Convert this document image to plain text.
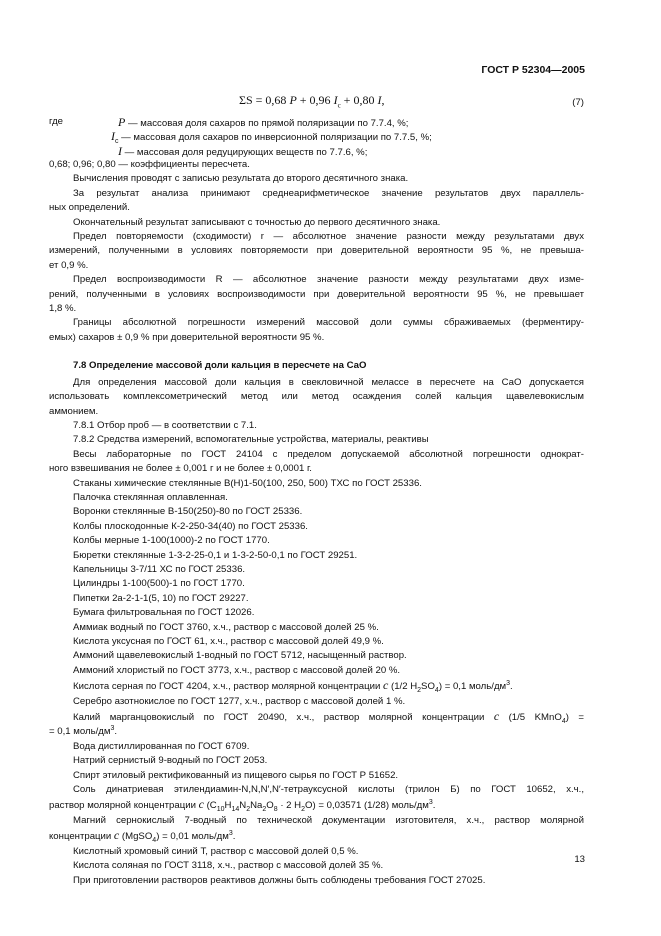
ГОСТ Р 52304—2005
ΣS = 0,68 P + 0,96 $I_c + 0,80$ I,	(7)
где	P — массовая доля сахаров по прямой поляризации по 7.7.4, %;
$I_c$ — массовая доля сахаров по инверсионной поляризации по 7.7.5, %;
I — массовая доля редуцирующих веществ по 7.7.6, %;
0,68; 0,96; 0,80 — коэффициенты пересчета.
Вычисления проводят с записью результата до второго десятичного знака.
За результат анализа принимают среднеарифметическое значение результатов двух параллель-
ных определений.
Окончательный результат записывают с точностью до первого десятичного знака.
Предел повторяемости (сходимости) r — абсолютное значение разности между результатами двух
измерений, полученными в условиях повторяемости при доверительной вероятности 95 %, не превыша-
ет 0,9 %.
Предел воспроизводимости R — абсолютное значение разности между результатами двух изме-
рений, полученными в условиях воспроизводимости при доверительной вероятности 95 %, не превышает
1,8 %.
Границы абсолютной погрешности измерений массовой доли суммы сбраживаемых (ферментиру-
емых) сахаров ± 0,9 % при доверительной вероятности 95 %.
7.8 Определение массовой доли кальция в пересчете на СаО
Для определения массовой доли кальция в свекловичной мелассе в пересчете на СаО допускается
использовать комплексометрический метод или метод осаждения солей кальция щавелевокислым
аммонием.
7.8.1 Отбор проб — в соответствии с 7.1.
7.8.2 Средства измерений, вспомогательные устройства, материалы, реактивы
Весы лабораторные по ГОСТ 24104 с пределом допускаемой абсолютной погрешности однократ-
ного взвешивания не более ± 0,001 г и не более ± 0,0001 г.
Стаканы химические стеклянные В(Н)1-50(100, 250, 500) ТХС по ГОСТ 25336.
Палочка стеклянная оплавленная.
Воронки стеклянные В-150(250)-80 по ГОСТ 25336.
Колбы плоскодонные К-2-250-34(40) по ГОСТ 25336.
Колбы мерные 1-100(1000)-2 по ГОСТ 1770.
Бюретки стеклянные 1-3-2-25-0,1 и 1-3-2-50-0,1 по ГОСТ 29251.
Капельницы 3-7/11 ХС по ГОСТ 25336.
Цилиндры 1-100(500)-1 по ГОСТ 1770.
Пипетки 2а-2-1-1(5, 10) по ГОСТ 29227.
Бумага фильтровальная по ГОСТ 12026.
Аммиак водный по ГОСТ 3760, х.ч., раствор с массовой долей 25 %.
Кислота уксусная по ГОСТ 61, х.ч., раствор с массовой долей 49,9 %.
Аммоний щавелевокислый 1-водный по ГОСТ 5712, насыщенный раствор.
Аммоний хлористый по ГОСТ 3773, х.ч., раствор с массовой долей 20 %.
Кислота серная по ГОСТ 4204, х.ч., раствор молярной концентрации c (1/2 $H_2SO_4) = 0,1$ моль/$дм^3$.
Серебро азотнокислое по ГОСТ 1277, х.ч., раствор с массовой долей 1 %.
Калий марганцовокислый по ГОСТ 20490, х.ч., раствор молярной концентрации c (1/5 KMnO$_4$) =
= 0,1 моль/$дм^3$.
Вода дистиллированная по ГОСТ 6709.
Натрий сернистый 9-водный по ГОСТ 2053.
Спирт этиловый ректификованный из пищевого сырья по ГОСТ Р 51652.
Соль динатриевая этилендиамин-N,N,N′,N′-тетрауксусной кислоты (трилон Б) по ГОСТ 10652, х.ч.,
раствор молярной концентрации c ($C_{10}H_{14}N_2Na_2O_8 \cdot 2$ $H_2O) = 0,03571$ (1/28) моль/$дм^3$.
Магний сернокислый 7-водный по технической документации изготовителя, х.ч., раствор молярной
концентрации c (MgSO$_4$) = 0,01 моль/$дм^3$.
Кислотный хромовый синий Т, раствор с массовой долей 0,5 %.
Кислота соляная по ГОСТ 3118, х.ч., раствор с массовой долей 35 %.
При приготовлении растворов реактивов должны быть соблюдены требования ГОСТ 27025.
13
